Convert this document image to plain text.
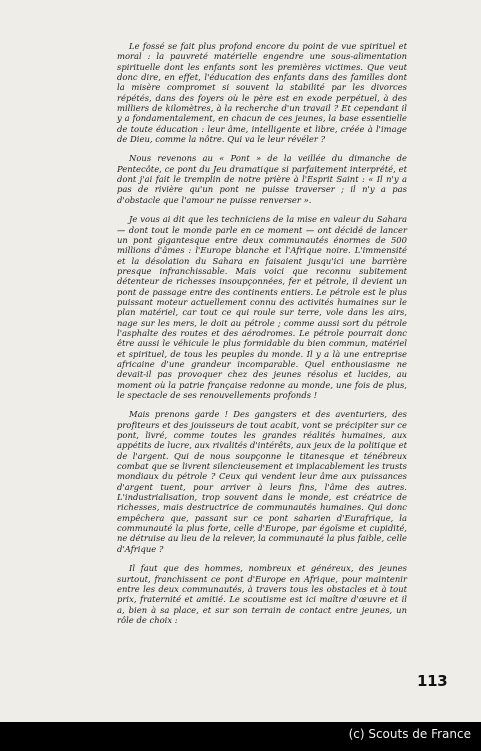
Le fossé se fait plus profond encore du point de vue spirituel et moral : la pauvreté matérielle engendre une sous-alimentation spirituelle dont les enfants sont les premières victimes. Que veut donc dire, en effet, l'éducation des enfants dans des familles dont la misère compromet si souvent la stabilité par les divorces répétés, dans des foyers où le père est en exode perpétuel, à des milliers de kilomètres, à la recherche d'un travail ? Et cependant il y a fondamentalement, en chacun de ces jeunes, la base essentielle de toute éducation : leur âme, intelligente et libre, créée à l'image de Dieu, comme la nôtre. Qui va le leur révéler ?

Nous revenons au « Pont » de la veillée du dimanche de Pentecôte, ce pont du Jeu dramatique si parfaitement interprété, et dont j'ai fait le tremplin de notre prière à l'Esprit Saint : « Il n'y a pas de rivière qu'un pont ne puisse traverser ; il n'y a pas d'obstacle que l'amour ne puisse renverser ».

Je vous ai dit que les techniciens de la mise en valeur du Sahara — dont tout le monde parle en ce moment — ont décidé de lancer un pont gigantesque entre deux communautés énormes de 500 millions d'âmes : l'Europe blanche et l'Afrique noire. L'immensité et la désolation du Sahara en faisaient jusqu'ici une barrière presque infranchissable. Mais voici que reconnu subitement détenteur de richesses insoupçonnées, fer et pétrole, il devient un pont de passage entre des continents entiers. Le pétrole est le plus puissant moteur actuellement connu des activités humaines sur le plan matériel, car tout ce qui roule sur terre, vole dans les airs, nage sur les mers, le doit au pétrole ; comme aussi sort du pétrole l'asphalte des routes et des aérodromes. Le pétrole pourrait donc être aussi le véhicule le plus formidable du bien commun, matériel et spirituel, de tous les peuples du monde. Il y a là une entreprise africaine d'une grandeur incomparable. Quel enthousiasme ne devait-il pas provoquer chez des jeunes résolus et lucides, au moment où la patrie française redonne au monde, une fois de plus, le spectacle de ses renouvellements profonds !

Mais prenons garde ! Des gangsters et des aventuriers, des profiteurs et des jouisseurs de tout acabit, vont se précipiter sur ce pont, livré, comme toutes les grandes réalités humaines, aux appétits de lucre, aux rivalités d'intérêts, aux jeux de la politique et de l'argent. Qui de nous soupçonne le titanesque et ténébreux combat que se livrent silencieusement et implacablement les trusts mondiaux du pétrole ? Ceux qui vendent leur âme aux puissances d'argent tuent, pour arriver à leurs fins, l'âme des autres. L'industrialisation, trop souvent dans le monde, est créatrice de richesses, mais destructrice de communautés humaines. Qui donc empêchera que, passant sur ce pont saharien d'Eurafrique, la communauté la plus forte, celle d'Europe, par égoïsme et cupidité, ne détruise au lieu de la relever, la communauté la plus faible, celle d'Afrique ?

Il faut que des hommes, nombreux et généreux, des jeunes surtout, franchissent ce pont d'Europe en Afrique, pour maintenir entre les deux communautés, à travers tous les obstacles et à tout prix, fraternité et amitié. Le scoutisme est ici maître d'œuvre et il a, bien à sa place, et sur son terrain de contact entre jeunes, un rôle de choix :

113
(c) Scouts de France
